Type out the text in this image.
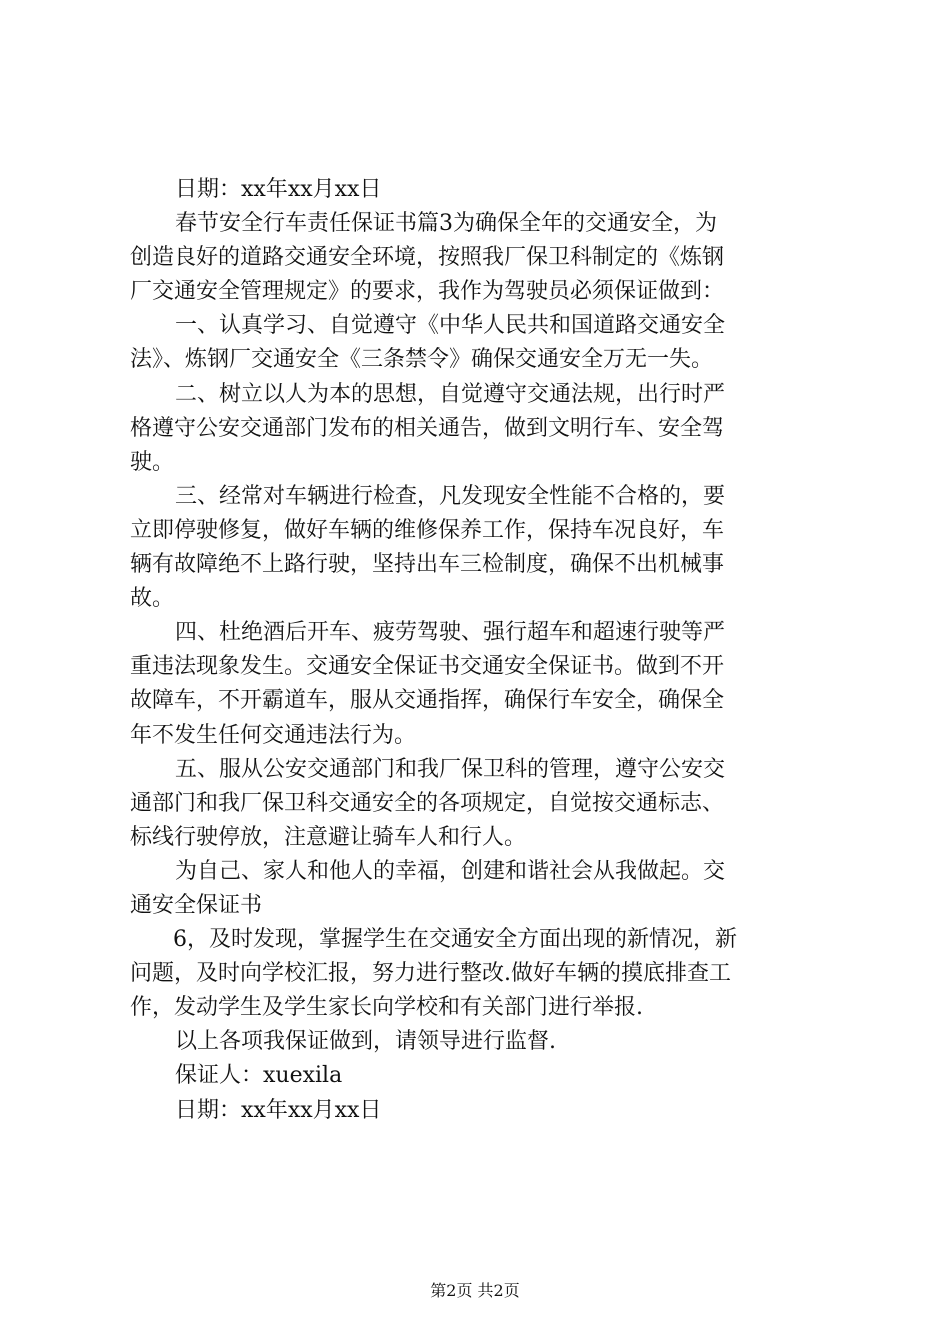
日期：xx年xx月xx日
春节安全行车责任保证书篇3为确保全年的交通安全，为
创造良好的道路交通安全环境，按照我厂保卫科制定的《炼钢
厂交通安全管理规定》的要求，我作为驾驶员必须保证做到：
一、认真学习、自觉遵守《中华人民共和国道路交通安全
法》、炼钢厂交通安全《三条禁令》确保交通安全万无一失。
二、树立以人为本的思想，自觉遵守交通法规，出行时严
格遵守公安交通部门发布的相关通告，做到文明行车、安全驾
驶。
三、经常对车辆进行检查，凡发现安全性能不合格的，要
立即停驶修复，做好车辆的维修保养工作，保持车况良好，车
辆有故障绝不上路行驶，坚持出车三检制度，确保不出机械事
故。
四、杜绝酒后开车、疲劳驾驶、强行超车和超速行驶等严
重违法现象发生。交通安全保证书交通安全保证书。做到不开
故障车，不开霸道车，服从交通指挥，确保行车安全，确保全
年不发生任何交通违法行为。
五、服从公安交通部门和我厂保卫科的管理，遵守公安交
通部门和我厂保卫科交通安全的各项规定，自觉按交通标志、
标线行驶停放，注意避让骑车人和行人。
为自己、家人和他人的幸福，创建和谐社会从我做起。交
通安全保证书
6，及时发现，掌握学生在交通安全方面出现的新情况，新
问题，及时向学校汇报，努力进行整改.做好车辆的摸底排查工
作，发动学生及学生家长向学校和有关部门进行举报.
以上各项我保证做到，请领导进行监督.
保证人：xuexila
日期：xx年xx月xx日
第2页 共2页
